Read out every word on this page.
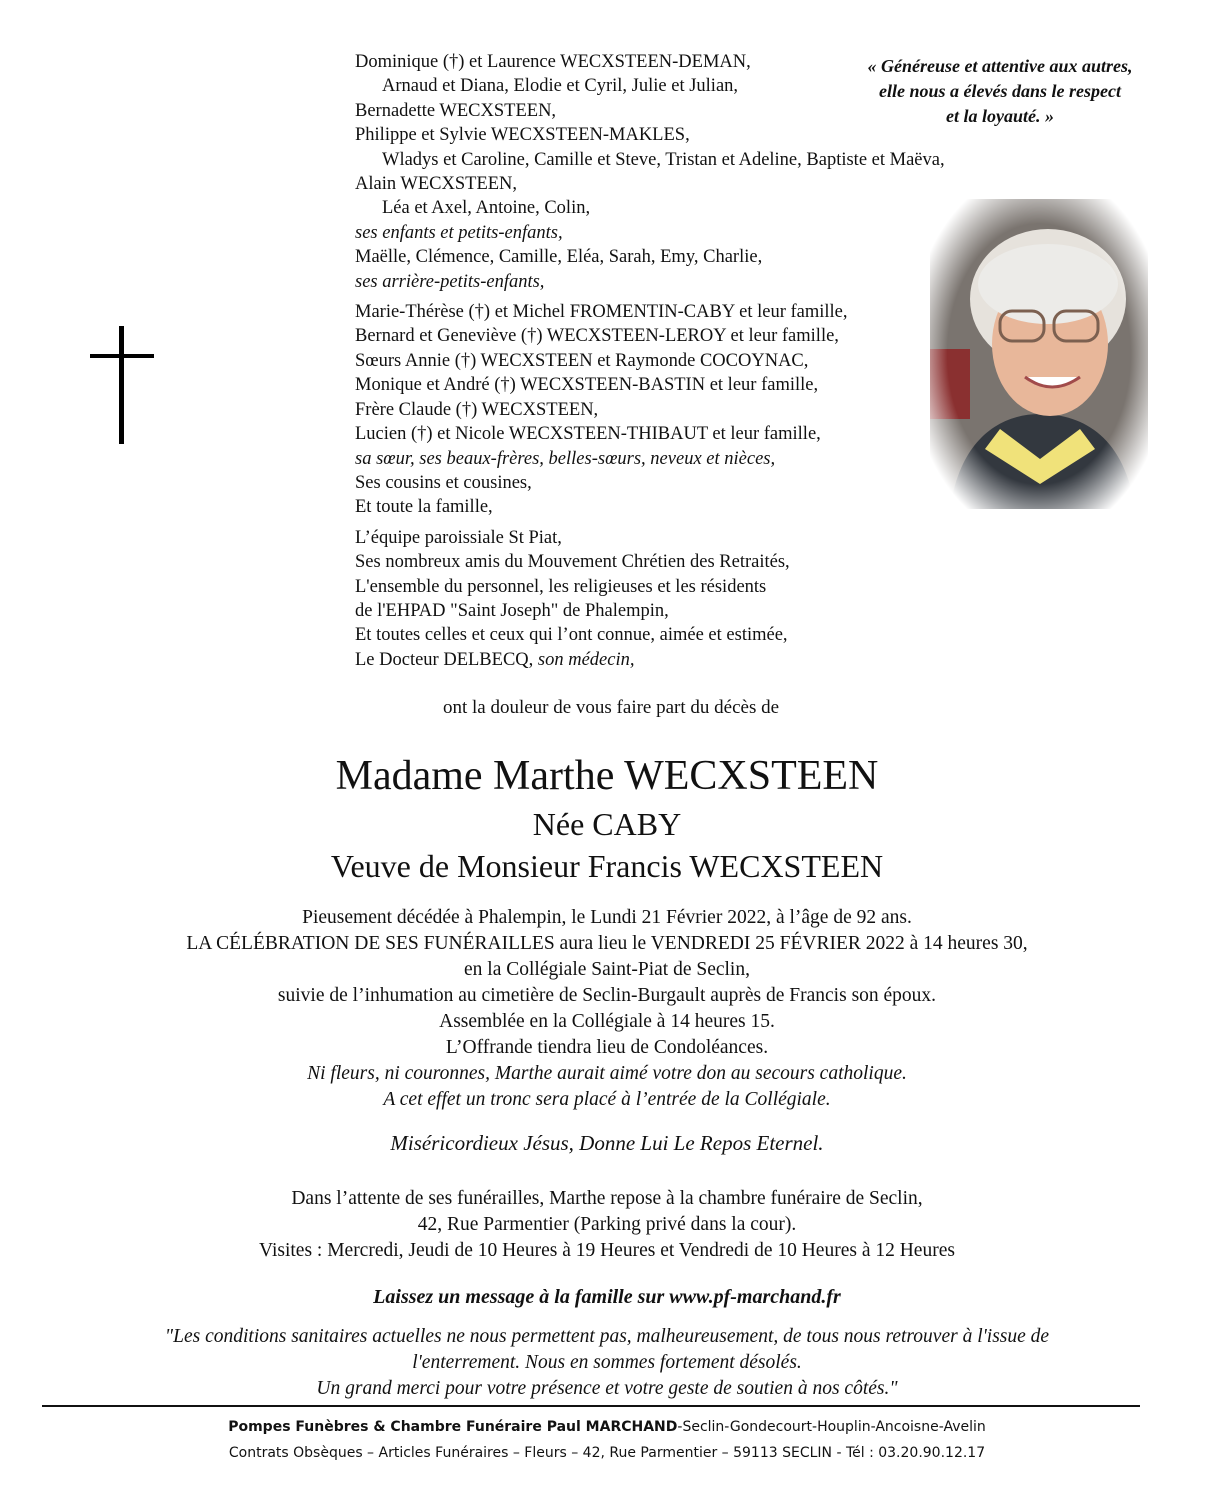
Dominique (†) et Laurence WECXSTEEN-DEMAN,
Arnaud et Diana, Elodie et Cyril, Julie et Julian,
Bernadette WECXSTEEN,
Philippe et Sylvie WECXSTEEN-MAKLES,
Wladys et Caroline, Camille et Steve, Tristan et Adeline, Baptiste et Maëva,
Alain WECXSTEEN,
Léa et Axel, Antoine, Colin,
ses enfants et petits-enfants,
Maëlle, Clémence, Camille, Eléa, Sarah, Emy, Charlie,
ses arrière-petits-enfants,
Marie-Thérèse (†) et Michel FROMENTIN-CABY et leur famille,
Bernard et Geneviève (†) WECXSTEEN-LEROY et leur famille,
Sœurs Annie (†) WECXSTEEN et Raymonde COCOYNAC,
Monique et André (†) WECXSTEEN-BASTIN et leur famille,
Frère Claude (†) WECXSTEEN,
Lucien (†) et Nicole WECXSTEEN-THIBAUT et leur famille,
sa sœur, ses beaux-frères, belles-sœurs, neveux et nièces,
Ses cousins et cousines,
Et toute la famille,
L’équipe paroissiale St Piat,
Ses nombreux amis du Mouvement Chrétien des Retraités,
L'ensemble du personnel, les religieuses et les résidents
de l'EHPAD "Saint Joseph" de Phalempin,
Et toutes celles et ceux qui l’ont connue, aimée et estimée,
Le Docteur DELBECQ, son médecin,
« Généreuse et attentive aux autres,
elle nous a élevés dans le respect
et la loyauté. »
ont la douleur de vous faire part du décès de
Madame Marthe WECXSTEEN
Née CABY
Veuve de Monsieur Francis WECXSTEEN
Pieusement décédée à Phalempin, le Lundi 21 Février 2022, à l’âge de 92 ans.
LA CÉLÉBRATION DE SES FUNÉRAILLES aura lieu le VENDREDI 25 FÉVRIER 2022 à 14 heures 30,
en la Collégiale Saint-Piat de Seclin,
suivie de l’inhumation au cimetière de Seclin-Burgault auprès de Francis son époux.
Assemblée en la Collégiale à 14 heures 15.
L’Offrande tiendra lieu de Condoléances.
Ni fleurs, ni couronnes, Marthe aurait aimé votre don au secours catholique.
A cet effet un tronc sera placé à l’entrée de la Collégiale.
Miséricordieux Jésus, Donne Lui Le Repos Eternel.
Dans l’attente de ses funérailles, Marthe repose à la chambre funéraire de Seclin,
42, Rue Parmentier (Parking privé dans la cour).
Visites : Mercredi, Jeudi de 10 Heures à 19 Heures et Vendredi de 10 Heures à 12 Heures
Laissez un message à la famille sur www.pf-marchand.fr
"Les conditions sanitaires actuelles ne nous permettent pas, malheureusement, de tous nous retrouver à l'issue de
l'enterrement. Nous en sommes fortement désolés.
Un grand merci pour votre présence et votre geste de soutien à nos côtés."
Pompes Funèbres & Chambre Funéraire Paul MARCHAND-Seclin-Gondecourt-Houplin-Ancoisne-Avelin
Contrats Obsèques – Articles Funéraires – Fleurs – 42, Rue Parmentier – 59113 SECLIN - Tél : 03.20.90.12.17
